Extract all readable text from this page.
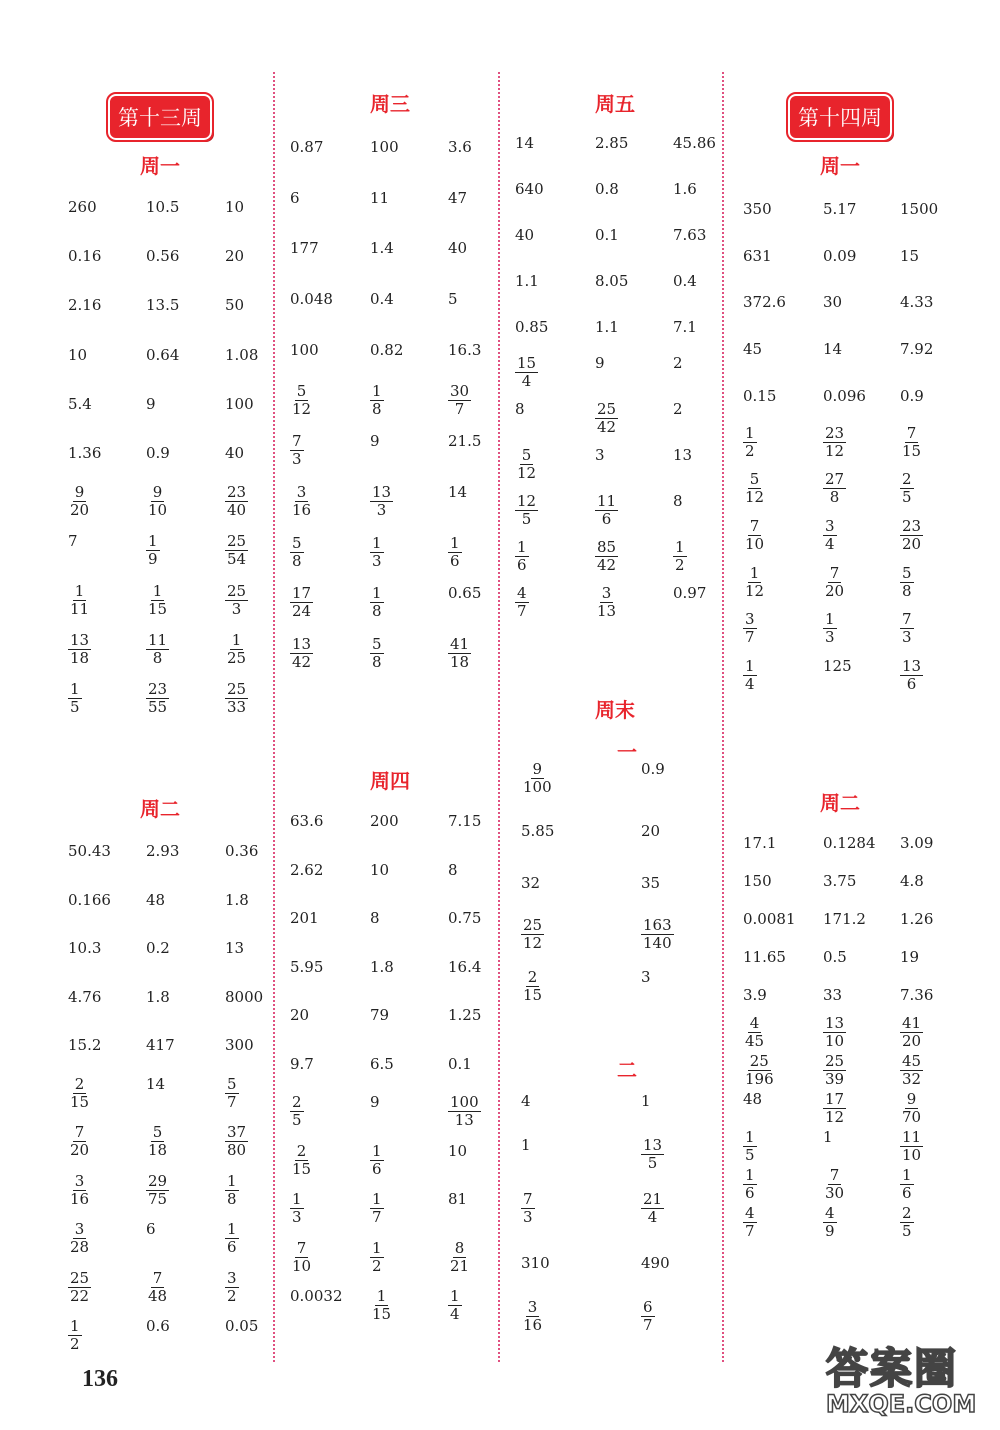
第十三周
周一
260	10.5	10
0.16	0.56	20
2.16	13.5	50
10	0.64	1.08
5.4	9	100
1.36	0.9	40
$\frac{9}{20}$	$\frac{9}{10}$	$\frac{23}{40}$
7	$\frac{1}{9}$	$\frac{25}{54}$
$\frac{1}{11}$	$\frac{1}{15}$	$\frac{25}{3}$
$\frac{13}{18}$	$\frac{11}{8}$	$\frac{1}{25}$
$\frac{1}{5}$	$\frac{23}{55}$	$\frac{25}{33}$
周二
50.43 2.93	0.36
0.166 48	1.8
10.3	0.2	13
4.76	1.8	8000
15.2	417	300
$\frac{2}{15}$	14	$\frac{5}{7}$
$\frac{7}{20}$	$\frac{5}{18}$	$\frac{37}{80}$
$\frac{3}{16}$	$\frac{29}{75}$	$\frac{1}{8}$
$\frac{3}{28}$	6	$\frac{1}{6}$
$\frac{25}{22}$	$\frac{7}{48}$	$\frac{3}{2}$
$\frac{1}{2}$	0.6	0.05
周三
0.87	100	3.6
6	11	47
177	1.4	40
0.048 0.4	5
100	0.82	16.3
$\frac{5}{12}$	$\frac{1}{8}$	$\frac{30}{7}$
$\frac{7}{3}$	9	21.5
$\frac{3}{16}$	$\frac{13}{3}$	14
$\frac{5}{8}$	$\frac{1}{3}$	$\frac{1}{6}$
$\frac{17}{24}$	$\frac{1}{8}$	0.65
$\frac{13}{42}$	$\frac{5}{8}$	$\frac{41}{18}$
周四
63.6	200	7.15
2.62	10	8
201	8	0.75
5.95	1.8	16.4
20	79	1.25
9.7	6.5	0.1
$\frac{2}{5}$	9	$\frac{100}{13}$
$\frac{2}{15}$	$\frac{1}{6}$	10
$\frac{1}{3}$	$\frac{1}{7}$	81
$\frac{7}{10}$	$\frac{1}{2}$	$\frac{8}{21}$
$0.0032 \frac{1}{15}$	$\frac{1}{4}$
周五
14	2.85	45.86
640	0.8	1.6
40	0.1	7.63
1.1	8.05	0.4
0.85	1.1	7.1
$\frac{15}{4}$	9	2
8	$\frac{25}{42}$	2
$\frac{5}{12}$	3	13
$\frac{12}{5}$	$\frac{11}{6}$	8
$\frac{1}{6}$	$\frac{85}{42}$	$\frac{1}{2}$
$\frac{4}{7}$	$\frac{3}{13}$	0.97
周末
一
$\frac{9}{100}$	0.9
5.85	20
32	35
$\frac{25}{12}$	$\frac{163}{140}$
$\frac{2}{15}$	3
二
4	1
1	$\frac{13}{5}$
$\frac{7}{3}$	$\frac{21}{4}$
310	490
$\frac{3}{16}$	$\frac{6}{7}$
第十四周
周一
350	5.17	1500
631	0.09	15
372.6 30	4.33
45	14	7.92
0.15	0.096 0.9
$\frac{1}{2}$	$\frac{23}{12}$	$\frac{7}{15}$
$\frac{5}{12}$	$\frac{27}{8}$	$\frac{2}{5}$
$\frac{7}{10}$	$\frac{3}{4}$	$\frac{23}{20}$
$\frac{1}{12}$	$\frac{7}{20}$	$\frac{5}{8}$
$\frac{3}{7}$	$\frac{1}{3}$	$\frac{7}{3}$
$\frac{1}{4}$	125	$\frac{13}{6}$
周二
17.1	0.1284 3.09
150	3.75	4.8
0.0081 171.2 1.26
11.65 0.5	19
3.9	33	7.36
$\frac{4}{45}$	$\frac{13}{10}$	$\frac{41}{20}$
$\frac{25}{196}$	$\frac{25}{39}$	$\frac{45}{32}$
48	$\frac{17}{12}$	$\frac{9}{70}$
$\frac{1}{5}$	1	$\frac{11}{10}$
$\frac{1}{6}$	$\frac{7}{30}$	$\frac{1}{6}$
$\frac{4}{7}$	$\frac{4}{9}$	$\frac{2}{5}$
136	答案圈
MXQE.COM
